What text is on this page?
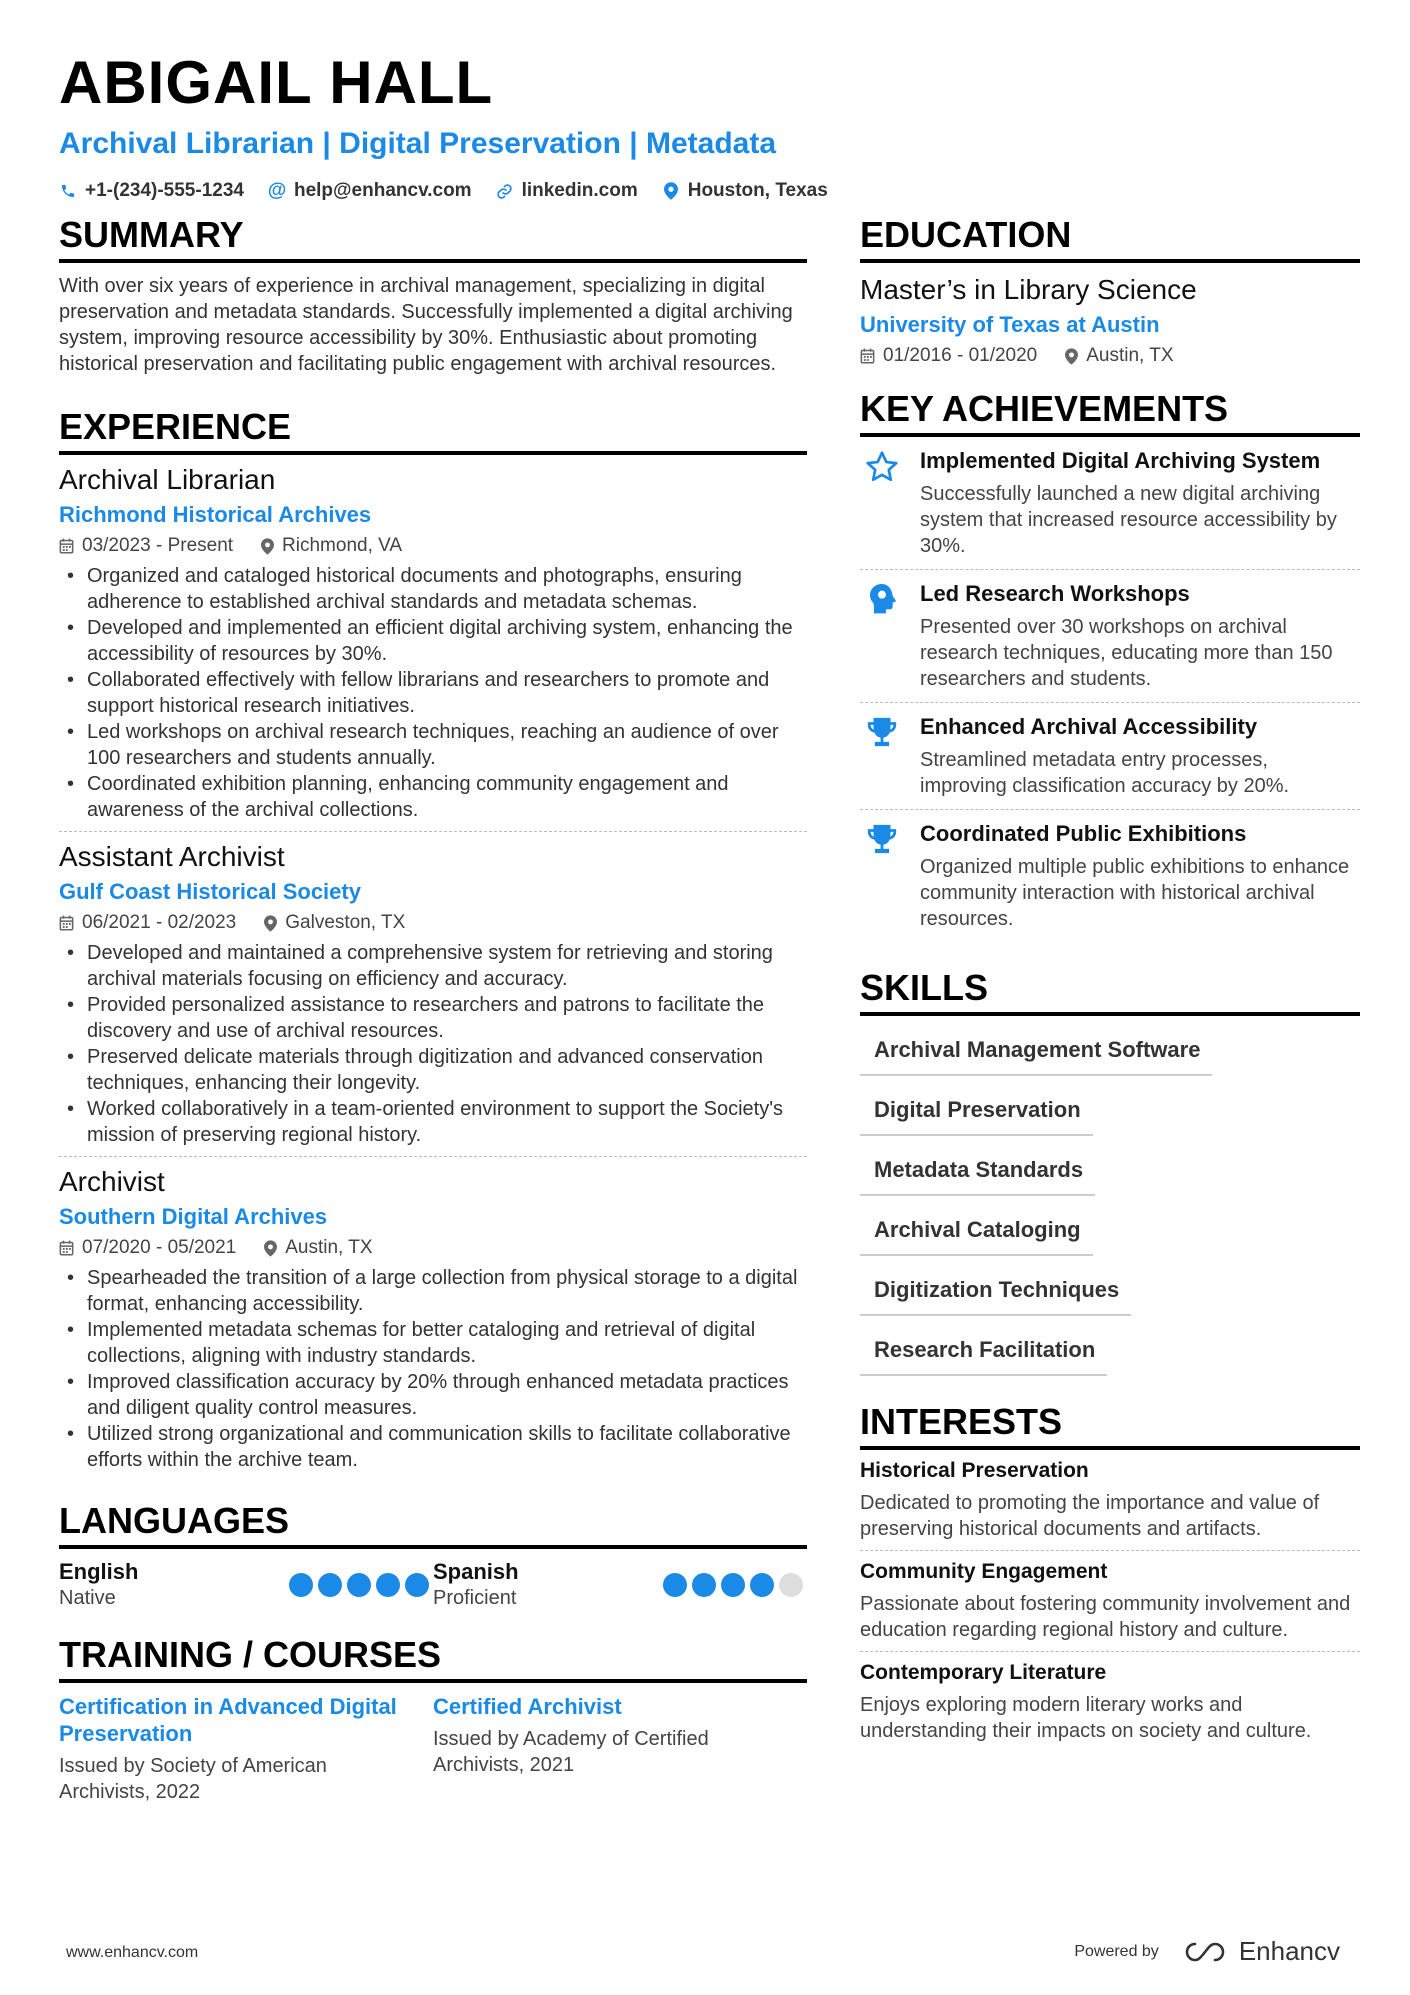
ABIGAIL HALL
Archival Librarian | Digital Preservation | Metadata
+1-(234)-555-1234 @ help@enhancv.com	linkedin.com	Houston, Texas
SUMMARY

With over six years of experience in archival management, specializing in digital preservation and metadata standards. Successfully implemented a digital archiving system, improving resource accessibility by 30%. Enthusiastic about promoting historical preservation and facilitating public engagement with archival resources.

EXPERIENCE
Archival Librarian
Richmond Historical Archives
03/2023 - Present	Richmond, VA
• Organized and cataloged historical documents and photographs, ensuring adherence to established archival standards and metadata schemas.
• Developed and implemented an efficient digital archiving system, enhancing the accessibility of resources by 30%.
• Collaborated effectively with fellow librarians and researchers to promote and support historical research initiatives.
• Led workshops on archival research techniques, reaching an audience of over 100 researchers and students annually.
• Coordinated exhibition planning, enhancing community engagement and awareness of the archival collections.
Assistant Archivist
Gulf Coast Historical Society
06/2021 - 02/2023	Galveston, TX
• Developed and maintained a comprehensive system for retrieving and storing archival materials focusing on efficiency and accuracy.
• Provided personalized assistance to researchers and patrons to facilitate the discovery and use of archival resources.
• Preserved delicate materials through digitization and advanced conservation techniques, enhancing their longevity.
• Worked collaboratively in a team-oriented environment to support the Society's mission of preserving regional history.
Archivist
Southern Digital Archives
07/2020 - 05/2021	Austin, TX
• Spearheaded the transition of a large collection from physical storage to a digital format, enhancing accessibility.
• Implemented metadata schemas for better cataloging and retrieval of digital collections, aligning with industry standards.
• Improved classification accuracy by 20% through enhanced metadata practices and diligent quality control measures.
• Utilized strong organizational and communication skills to facilitate collaborative efforts within the archive team.
LANGUAGES
English
Native
Spanish
Proficient
TRAINING / COURSES
Certification in Advanced Digital Preservation
Issued by Society of American Archivists, 2022
Certified Archivist
Issued by Academy of Certified Archivists, 2021
EDUCATION
Master’s in Library Science
University of Texas at Austin
01/2016 - 01/2020	Austin, TX
KEY ACHIEVEMENTS
Implemented Digital Archiving System
Successfully launched a new digital archiving system that increased resource accessibility by 30%.
Led Research Workshops
Presented over 30 workshops on archival research techniques, educating more than 150 researchers and students.
Enhanced Archival Accessibility
Streamlined metadata entry processes, improving classification accuracy by 20%.
Coordinated Public Exhibitions
Organized multiple public exhibitions to enhance community interaction with historical archival resources.
SKILLS
Archival Management Software
Digital Preservation
Metadata Standards
Archival Cataloging
Digitization Techniques
Research Facilitation
INTERESTS
Historical Preservation
Dedicated to promoting the importance and value of preserving historical documents and artifacts.
Community Engagement
Passionate about fostering community involvement and education regarding regional history and culture.
Contemporary Literature
Enjoys exploring modern literary works and understanding their impacts on society and culture.
www.enhancv.com	Powered by	Enhancv
